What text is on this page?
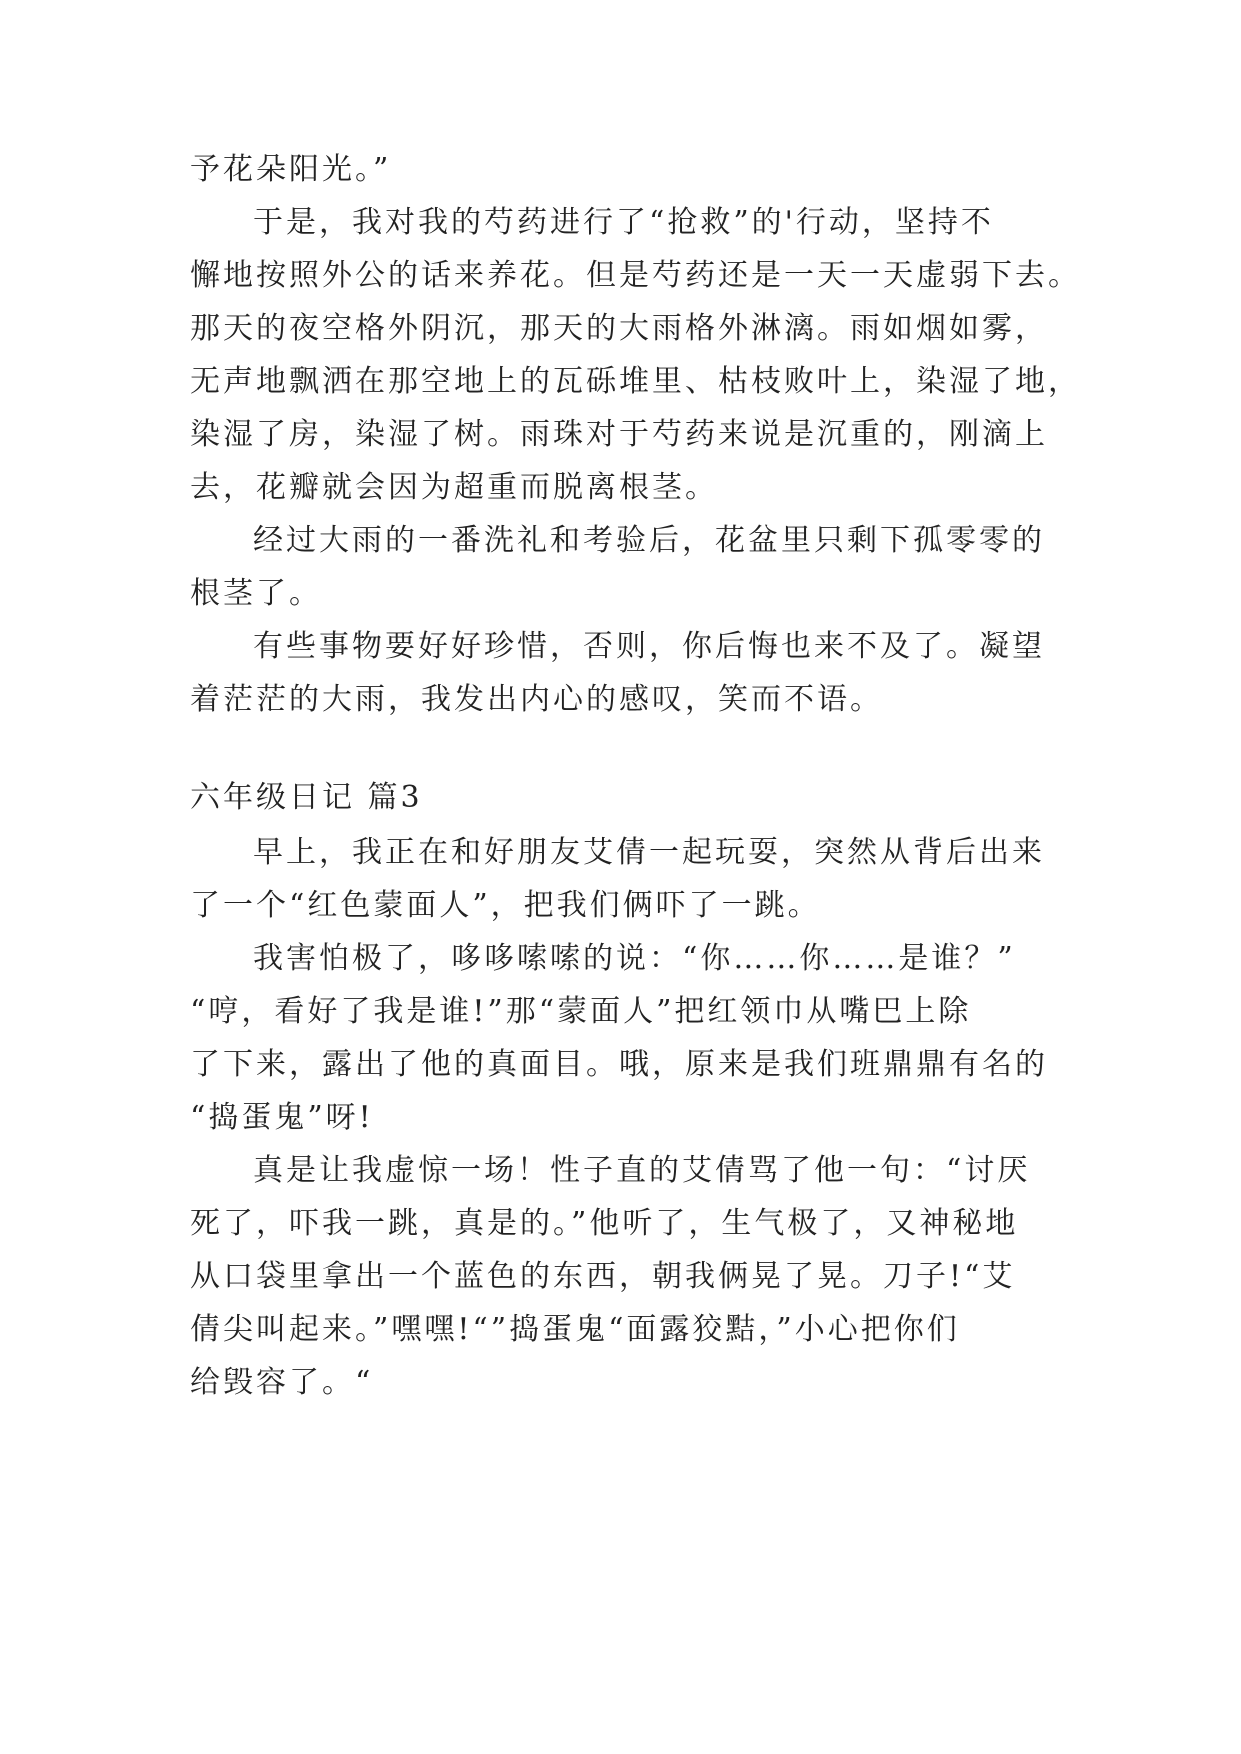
予花朵阳光。”
于是，我对我的芍药进行了“抢救”的'行动，坚持不
懈地按照外公的话来养花。但是芍药还是一天一天虚弱下去。
那天的夜空格外阴沉，那天的大雨格外淋漓。雨如烟如雾，
无声地飘洒在那空地上的瓦砾堆里、枯枝败叶上，染湿了地，
染湿了房，染湿了树。雨珠对于芍药来说是沉重的，刚滴上
去，花瓣就会因为超重而脱离根茎。
经过大雨的一番洗礼和考验后，花盆里只剩下孤零零的
根茎了。
有些事物要好好珍惜，否则，你后悔也来不及了。凝望
着茫茫的大雨，我发出内心的感叹，笑而不语。
六年级日记 篇3
早上，我正在和好朋友艾倩一起玩耍，突然从背后出来
了一个“红色蒙面人”，把我们俩吓了一跳。
我害怕极了，哆哆嗦嗦的说：“你……你……是谁？”
“哼，看好了我是谁!”那“蒙面人”把红领巾从嘴巴上除
了下来，露出了他的真面目。哦，原来是我们班鼎鼎有名的
“捣蛋鬼”呀!
真是让我虚惊一场！性子直的艾倩骂了他一句：“讨厌
死了，吓我一跳，真是的。”他听了，生气极了，又神秘地
从口袋里拿出一个蓝色的东西，朝我俩晃了晃。刀子!“艾
倩尖叫起来。”嘿嘿!“”捣蛋鬼“面露狡黠，”小心把你们
给毁容了。“
